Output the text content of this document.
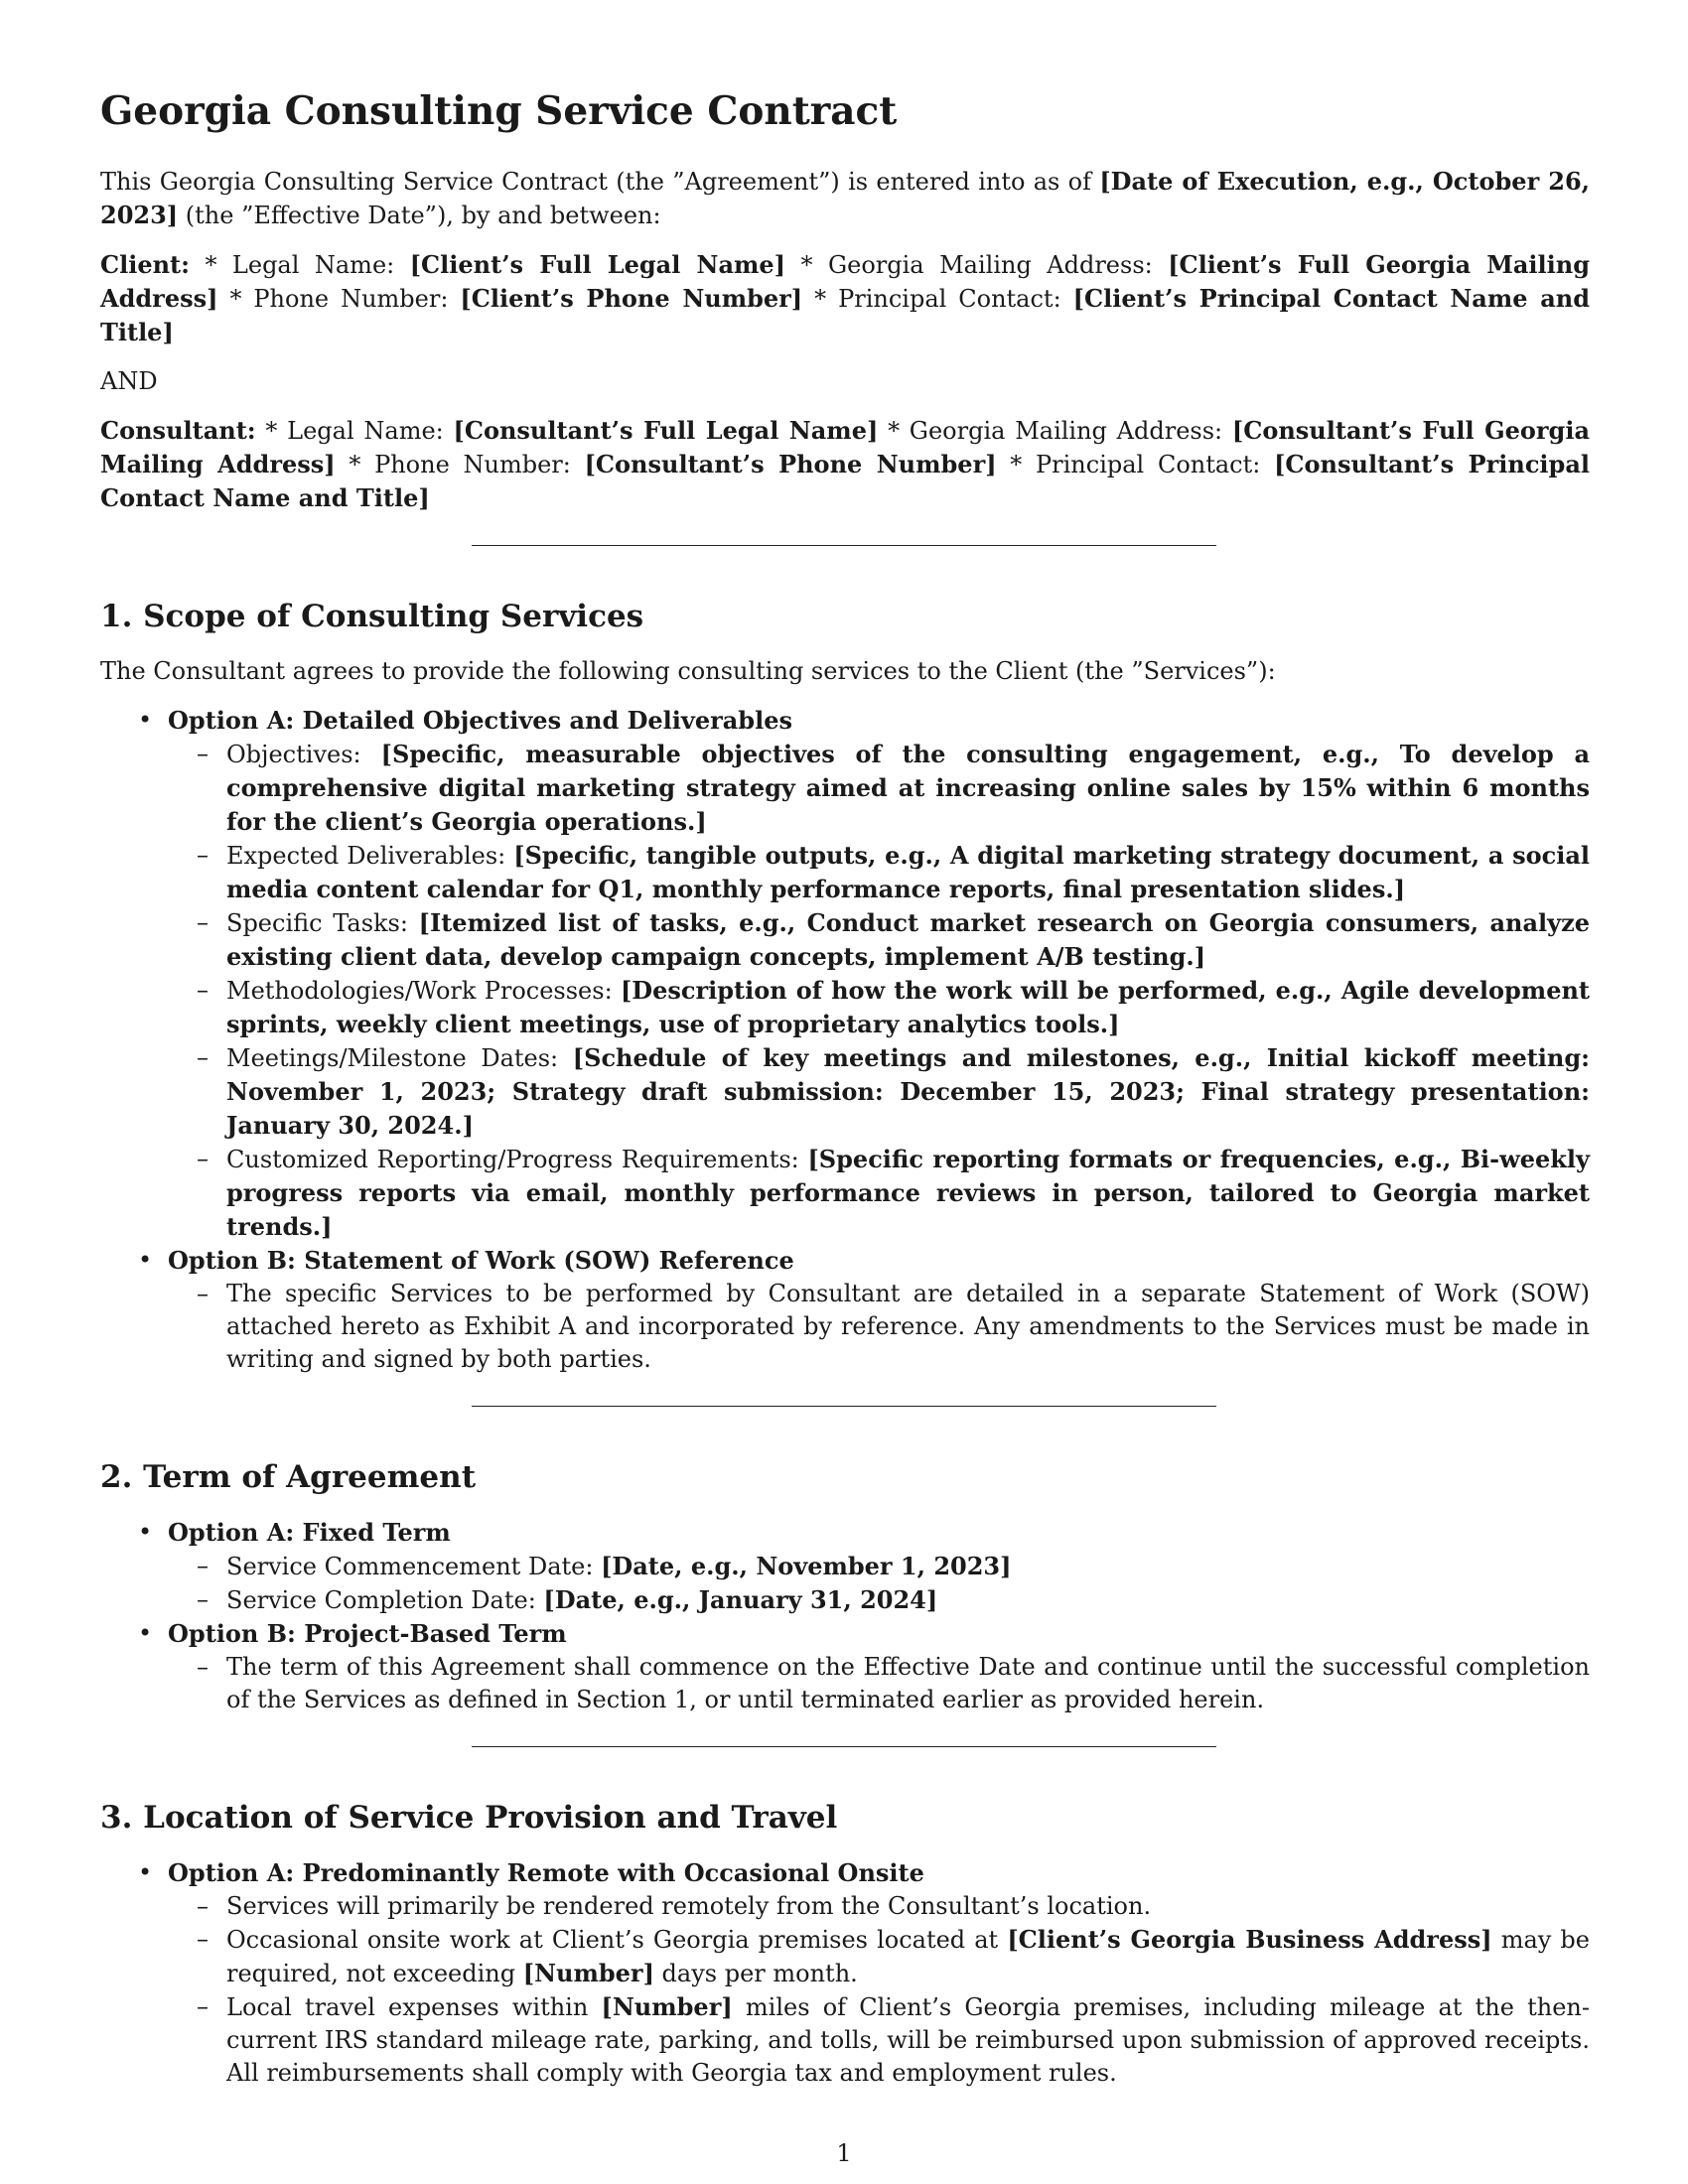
Georgia Consulting Service Contract

This Georgia Consulting Service Contract (the ”Agreement”) is entered into as of [Date of Execution, e.g., October 26, 2023] (the ”Effective Date”), by and between:

Client: * Legal Name: [Client’s Full Legal Name] * Georgia Mailing Address: [Client’s Full Georgia Mailing Address] * Phone Number: [Client’s Phone Number] * Principal Contact: [Client’s Principal Contact Name and Title]

AND

Consultant: * Legal Name: [Consultant’s Full Legal Name] * Georgia Mailing Address: [Consultant’s Full Georgia Mailing Address] * Phone Number: [Consultant’s Phone Number] * Principal Contact: [Consultant’s Principal Contact Name and Title]

1. Scope of Consulting Services

The Consultant agrees to provide the following consulting services to the Client (the ”Services”):

• Option A: Detailed Objectives and Deliverables
– Objectives: [Specific, measurable objectives of the consulting engagement, e.g., To develop a comprehensive digital marketing strategy aimed at increasing online sales by 15% within 6 months for the client’s Georgia operations.]
– Expected Deliverables: [Specific, tangible outputs, e.g., A digital marketing strategy document, a social media content calendar for Q1, monthly performance reports, final presentation slides.]
– Specific Tasks: [Itemized list of tasks, e.g., Conduct market research on Georgia consumers, analyze existing client data, develop campaign concepts, implement A/B testing.]
– Methodologies/Work Processes: [Description of how the work will be performed, e.g., Agile development sprints, weekly client meetings, use of proprietary analytics tools.]
– Meetings/Milestone Dates: [Schedule of key meetings and milestones, e.g., Initial kickoff meeting: November 1, 2023; Strategy draft submission: December 15, 2023; Final strategy presentation: January 30, 2024.]
– Customized Reporting/Progress Requirements: [Specific reporting formats or frequencies, e.g., Bi-weekly progress reports via email, monthly performance reviews in person, tailored to Georgia market trends.]
• Option B: Statement of Work (SOW) Reference
– The specific Services to be performed by Consultant are detailed in a separate Statement of Work (SOW) attached hereto as Exhibit A and incorporated by reference. Any amendments to the Services must be made in writing and signed by both parties.
2. Term of Agreement
• Option A: Fixed Term
– Service Commencement Date: [Date, e.g., November 1, 2023]
– Service Completion Date: [Date, e.g., January 31, 2024]
• Option B: Project-Based Term
– The term of this Agreement shall commence on the Effective Date and continue until the successful completion of the Services as defined in Section 1, or until terminated earlier as provided herein.
3. Location of Service Provision and Travel
• Option A: Predominantly Remote with Occasional Onsite
– Services will primarily be rendered remotely from the Consultant’s location.
– Occasional onsite work at Client’s Georgia premises located at [Client’s Georgia Business Address] may be required, not exceeding [Number] days per month.
– Local travel expenses within [Number] miles of Client’s Georgia premises, including mileage at the then-current IRS standard mileage rate, parking, and tolls, will be reimbursed upon submission of approved receipts. All reimbursements shall comply with Georgia tax and employment rules.
1
